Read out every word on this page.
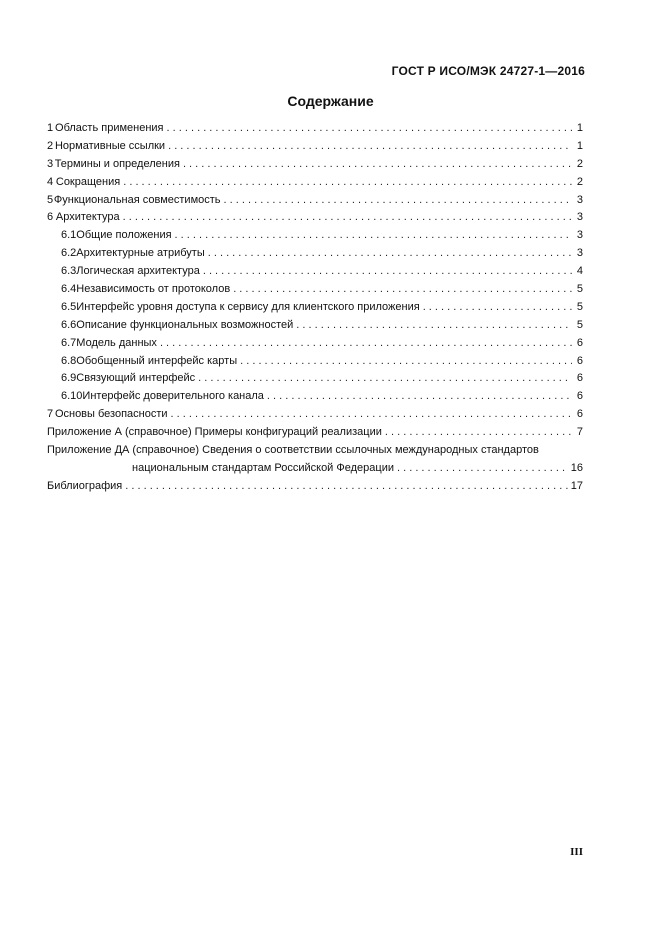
ГОСТ Р ИСО/МЭК 24727-1—2016
Содержание
1 Область применения . . .	1
2 Нормативные ссылки . . .	1
3 Термины и определения . . .	2
4 Сокращения . . .	2
5 Функциональная совместимость . . .	3
6 Архитектура . . .	3
6.1 Общие положения . . .	3
6.2 Архитектурные атрибуты . . .	3
6.3 Логическая архитектура . . .	4
6.4 Независимость от протоколов . . .	5
6.5 Интерфейс уровня доступа к сервису для клиентского приложения . . .	5
6.6 Описание функциональных возможностей . . .	5
6.7 Модель данных . . .	6
6.8 Обобщенный интерфейс карты . . .	6
6.9 Связующий интерфейс . . .	6
6.10 Интерфейс доверительного канала . . .	6
7 Основы безопасности . . .	6
Приложение А (справочное) Примеры конфигураций реализации . . .	7
Приложение ДА (справочное) Сведения о соответствии ссылочных международных стандартов
национальным стандартам Российской Федерации . . .	16
Библиография . . .	17
III
